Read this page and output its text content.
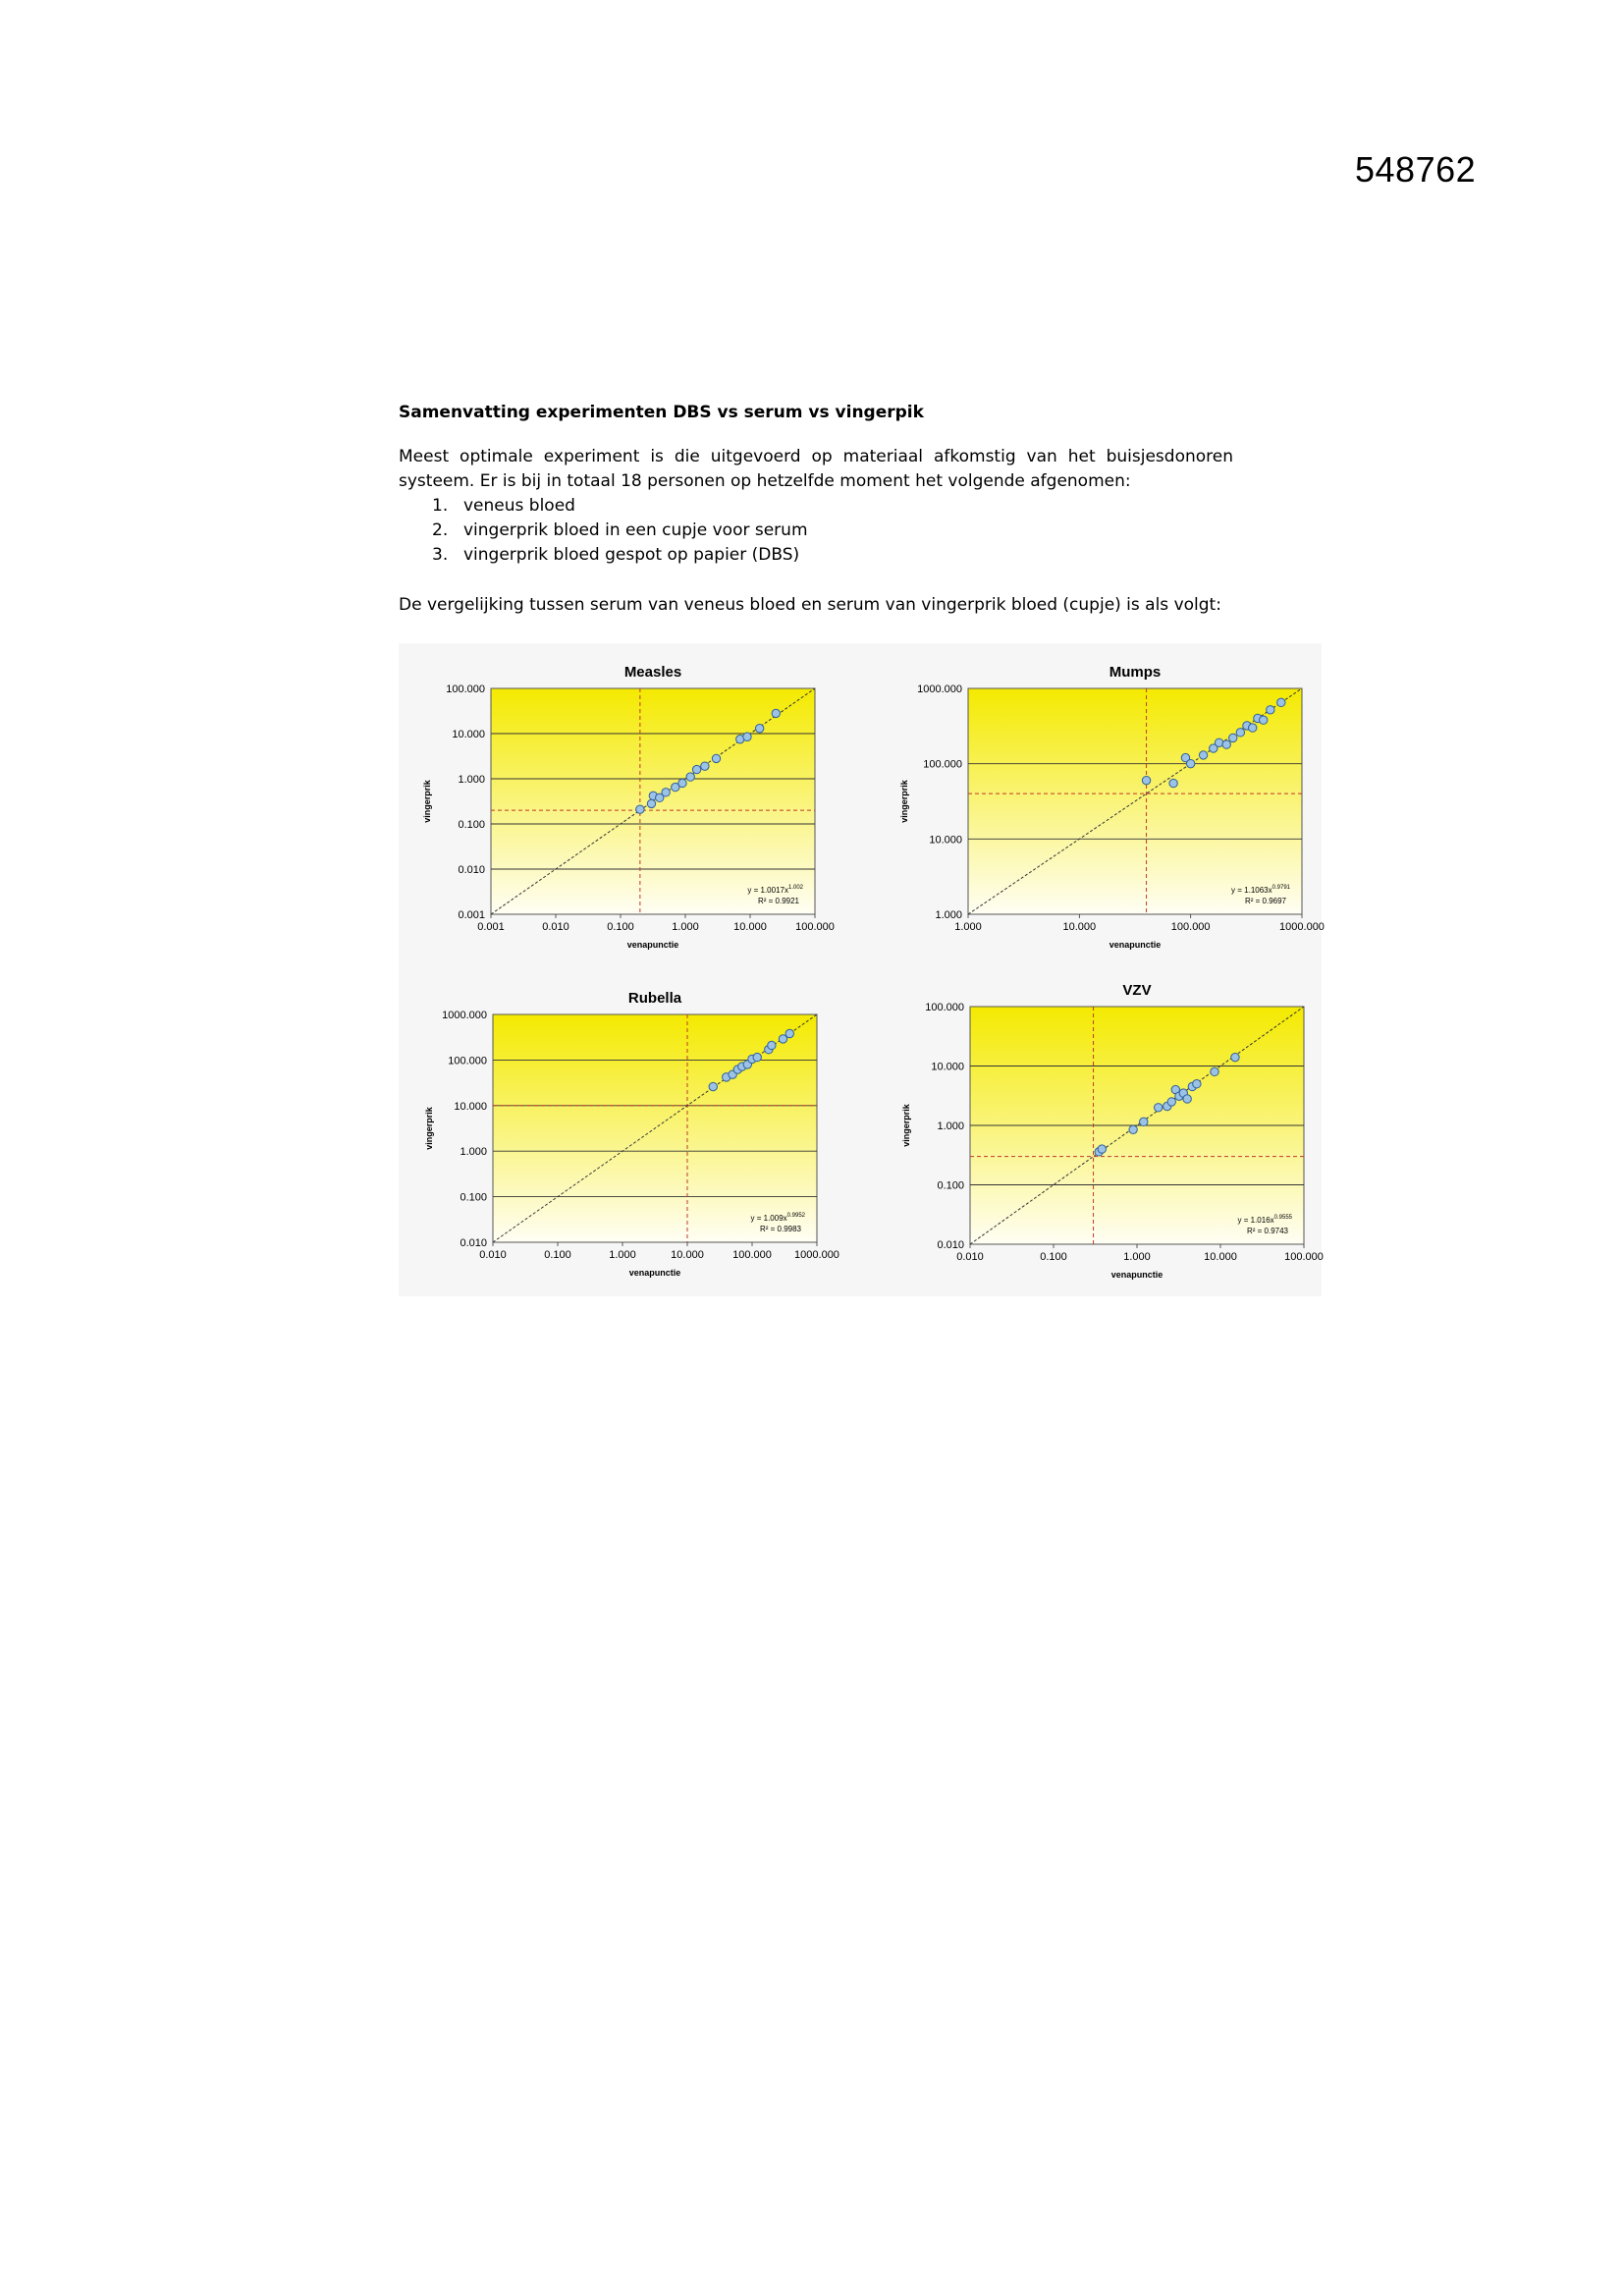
548762

Samenvatting experimenten DBS vs serum vs vingerpik

Meest optimale experiment is die uitgevoerd op materiaal afkomstig van het buisjesdonoren
systeem. Er is bij in totaal 18 personen op hetzelfde moment het volgende afgenomen:

1. veneus bloed
2. vingerprik bloed in een cupje voor serum
3. vingerprik bloed gespot op papier (DBS)

De vergelijking tussen serum van veneus bloed en serum van vingerprik bloed (cupje) is als volgt:

Measles
0.001
0.010
0.100
1.000
10.000
100.000
0.001	0.010	0.100	1.000	10.000	100.000
venapunctie
vingerprik
$y = 1.0017x^{1.002}$
R² = 0.9921
Mumps
1.000
10.000
100.000
1000.000
1.000	10.000	100.000	1000.000
venapunctie
vingerprik
$y = 1.1063x^{0.9791}$
R² = 0.9697
Rubella
0.010
0.100
1.000
10.000
100.000
1000.000
0.010	0.100	1.000	10.000	100.000 1000.000
venapunctie
vingerprik
$y = 1.009x^{0.9952}$
R² = 0.9983
VZV
0.010
0.100
1.000
10.000
100.000
0.010	0.100	1.000	10.000	100.000
venapunctie
vingerprik
$y = 1.016x^{0.9555}$
R² = 0.9743
